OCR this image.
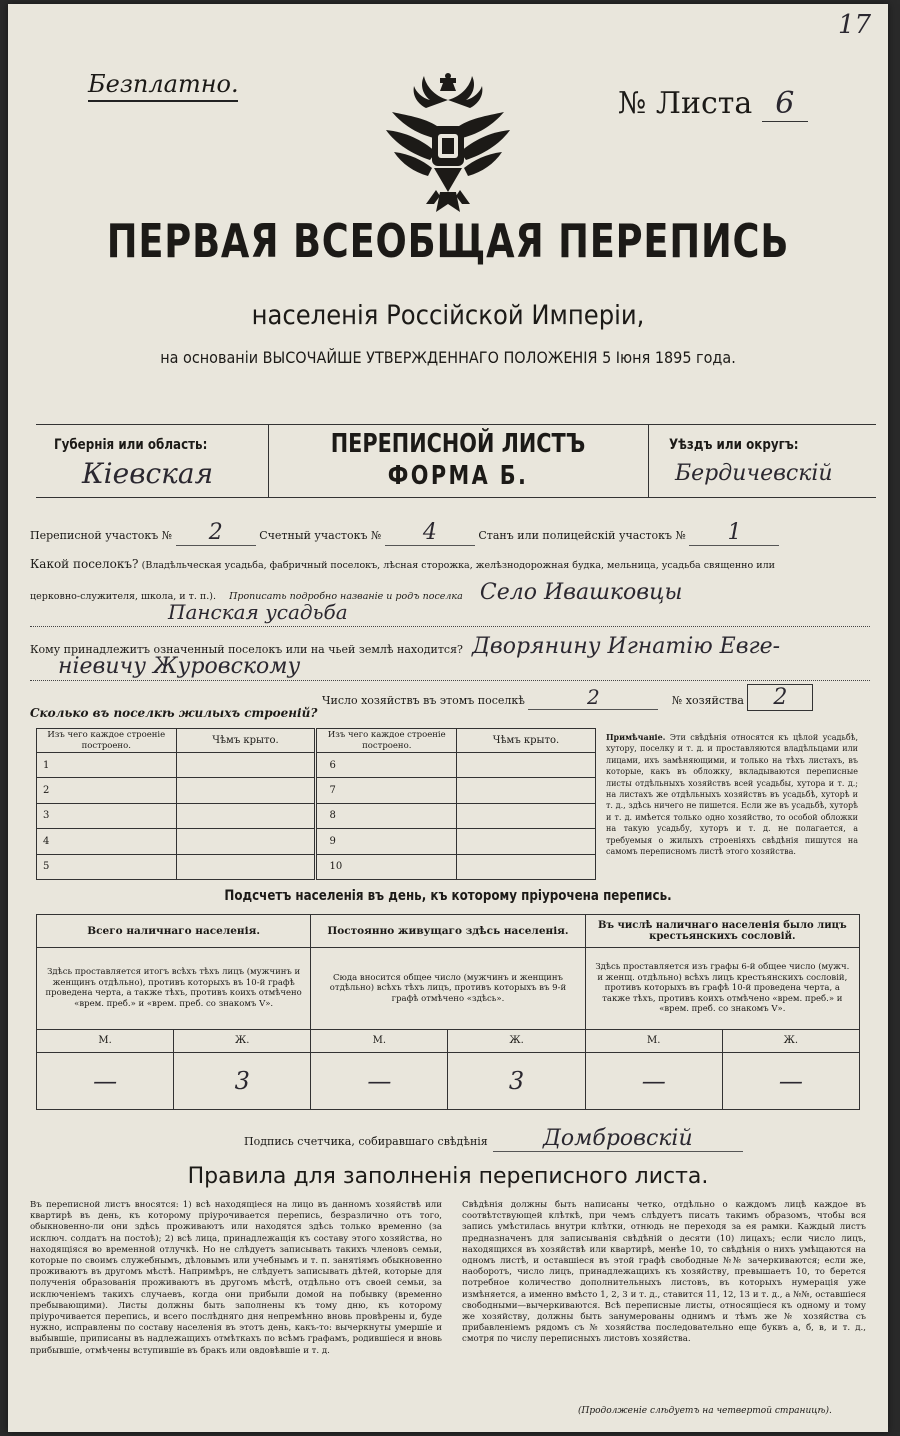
17
Безплатно.
№ Листа 6
ПЕРВАЯ ВСЕОБЩАЯ ПЕРЕПИСЬ
населенія Россійской Имперіи,
на основаніи ВЫСОЧАЙШЕ УТВЕРЖДЕННАГО ПОЛОЖЕНІЯ 5 Іюня 1895 года.
Губернія или область:
Кіевская
ПЕРЕПИСНОЙ ЛИСТЪ
ФОРМА Б.
Уѣздъ или округъ:
Бердичевскій
Переписной участокъ № 2	Счетный участокъ № 4	Станъ или полицейскій участокъ № 1
Какой поселокъ? (Владѣльческая усадьба, фабричный поселокъ, лѣсная сторожка, желѣзнодорожная будка, мельница, усадьба священно или
церковно-служителя, школа, и т. п.). Прописать подробно названіе и родъ поселка Село Ивашковцы
Панская усадьба
Кому принадлежитъ означенный поселокъ или на чьей землѣ находится? Дворянину Игнатію Евге-
ніевичу Журовскому
Число хозяйствъ въ этомъ поселкѣ	2	№ хозяйства 2
Сколько въ поселкѣ жилыхъ строеній?
Изъ чего каждое строеніе построено.	Чѣмъ крыто.	Изъ чего каждое строеніе построено.	Чѣмъ крыто.
1		6	
2		7	
3		8	
4		9	
5		10	
Примѣчаніе. Эти свѣдѣнія относятся къ цѣлой усадьбѣ, хутору, поселку и т. д. и проставляются владѣльцами или лицами, ихъ замѣняющими, и только на тѣхъ листахъ, въ которые, какъ въ обложку, вкладываются переписные листы отдѣльныхъ хозяйствъ всей усадьбы, хутора и т. д.; на листахъ же отдѣльныхъ хозяйствъ въ усадьбѣ, хуторѣ и т. д., здѣсь ничего не пишется. Если же въ усадьбѣ, хуторѣ и т. д. имѣется только одно хозяйство, то особой обложки на такую усадьбу, хуторъ и т. д. не полагается, а требуемыя о жилыхъ строеніяхъ свѣдѣнія пишутся на самомъ переписномъ листѣ этого хозяйства.
Подсчетъ населенія въ день, къ которому пріурочена перепись.
Всего наличнаго населенія.		Постоянно живущаго здѣсь населенія.		Въ числѣ наличнаго населенія было лицъ крестьянскихъ сословій.	
Здѣсь проставляется итогъ всѣхъ тѣхъ лицъ (мужчинъ и женщинъ отдѣльно), противъ которыхъ въ 10-й графѣ проведена черта, а также тѣхъ, противъ коихъ отмѣчено «врем. преб.» и «врем. преб. со знакомъ V».		Сюда вносится общее число (мужчинъ и женщинъ отдѣльно) всѣхъ тѣхъ лицъ, противъ которыхъ въ 9-й графѣ отмѣчено «здѣсь».		Здѣсь проставляется изъ графы 6-й общее число (мужч. и женщ. отдѣльно) всѣхъ лицъ крестьянскихъ сословій, противъ которыхъ въ графѣ 10-й проведена черта, а также тѣхъ, противъ коихъ отмѣчено «врем. преб.» и «врем. преб. со знакомъ V».	
М.	Ж.	М.	Ж.	М.	Ж.
—	3	—	3	—	—
Подпись счетчика, собиравшаго свѣдѣнія	Домбровскій
Правила для заполненія переписного листа.
Въ переписной листъ вносятся: 1) всѣ находящіеся на лицо въ данномъ хозяйствѣ или квартирѣ въ день, къ которому пріурочивается перепись, безразлично отъ того, обыкновенно-ли они здѣсь проживаютъ или находятся здѣсь только временно (за исключ. солдатъ на постоѣ); 2) всѣ лица, принадлежащія къ составу этого хозяйства, но находящіяся во временной отлучкѣ. Но не слѣдуетъ записывать такихъ членовъ семьи, которые по своимъ служебнымъ, дѣловымъ или учебнымъ и т. п. занятіямъ обыкновенно проживаютъ въ другомъ мѣстѣ. Напримѣръ, не слѣдуетъ записывать дѣтей, которые для полученія образованія проживаютъ въ другомъ мѣстѣ, отдѣльно отъ своей семьи, за исключеніемъ такихъ случаевъ, когда они прибыли домой на побывку (временно пребывающими). Листы должны быть заполнены къ тому дню, къ которому пріурочивается перепись, и всего послѣдняго дня непремѣнно вновь провѣрены и, буде нужно, исправлены по составу населенія въ этотъ день, какъ-то: вычеркнуты умершіе и выбывшіе, приписаны въ надлежащихъ отмѣткахъ по всѣмъ графамъ, родившіеся и вновь прибывшіе, отмѣчены вступившіе въ бракъ или овдовѣвшіе и т. д.
Свѣдѣнія должны быть написаны четко, отдѣльно о каждомъ лицѣ каждое въ соотвѣтствующей клѣткѣ, при чемъ слѣдуетъ писать такимъ образомъ, чтобы вся запись умѣстилась внутри клѣтки, отнюдь не переходя за ея рамки. Каждый листъ предназначенъ для записыванія свѣдѣній о десяти (10) лицахъ; если число лицъ, находящихся въ хозяйствѣ или квартирѣ, менѣе 10, то свѣдѣнія о нихъ умѣщаются на одномъ листѣ, и оставшіеся въ этой графѣ свободные №№ зачеркиваются; если же, наоборотъ, число лицъ, принадлежащихъ къ хозяйству, превышаетъ 10, то берется потребное количество дополнительныхъ листовъ, въ которыхъ нумерація уже измѣняется, а именно вмѣсто 1, 2, 3 и т. д., ставится 11, 12, 13 и т. д., а №№, оставшіеся свободными—вычеркиваются. Всѣ переписные листы, относящіеся къ одному и тому же хозяйству, должны быть занумерованы однимъ и тѣмъ же № хозяйства съ прибавленіемъ рядомъ съ № хозяйства последовательно еще буквъ а, б, в, и т. д., смотря по числу переписныхъ листовъ хозяйства.
(Продолженіе слѣдуетъ на четвертой страницѣ).
